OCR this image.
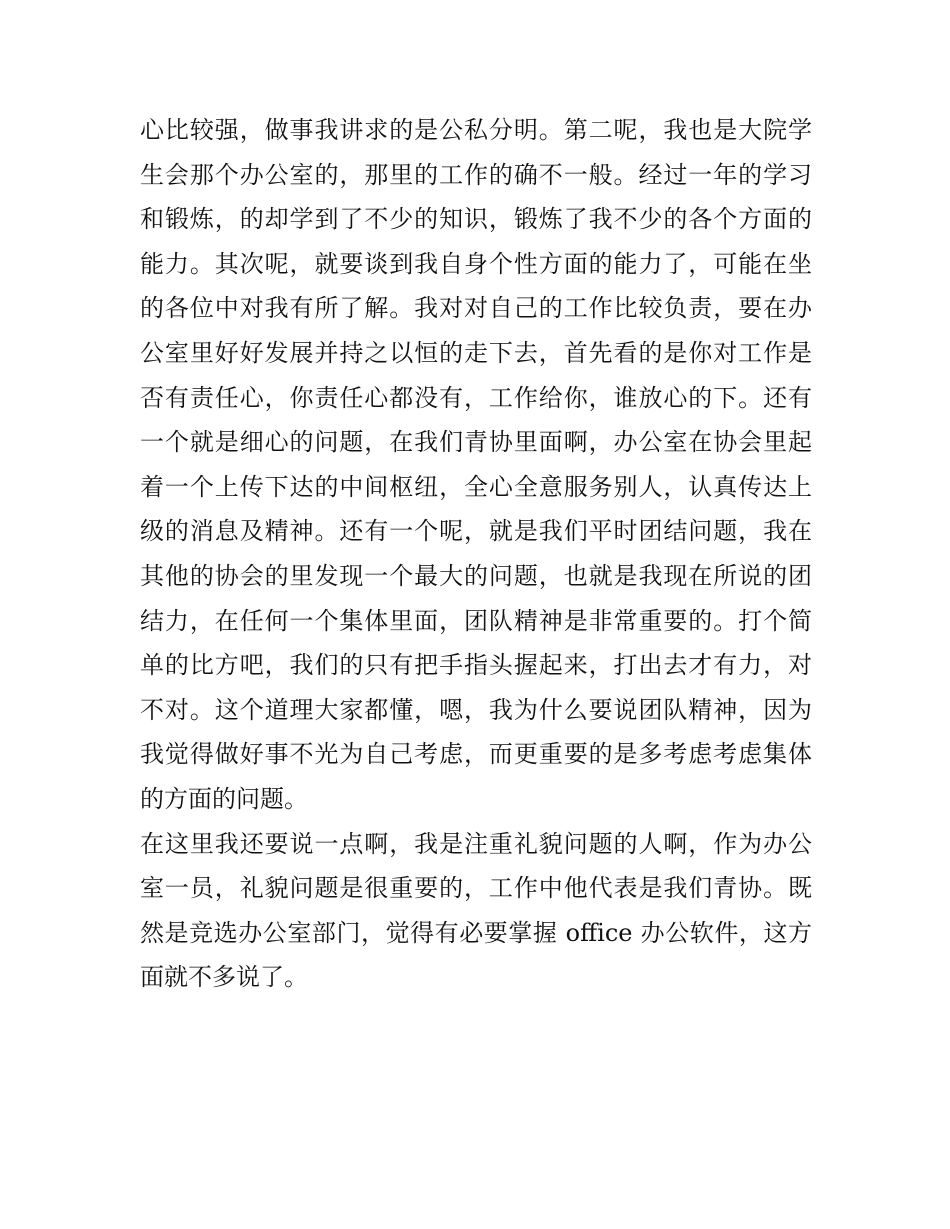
心比较强，做事我讲求的是公私分明。第二呢，我也是大院学
生会那个办公室的，那里的工作的确不一般。经过一年的学习
和锻炼，的却学到了不少的知识，锻炼了我不少的各个方面的
能力。其次呢，就要谈到我自身个性方面的能力了，可能在坐
的各位中对我有所了解。我对对自己的工作比较负责，要在办
公室里好好发展并持之以恒的走下去，首先看的是你对工作是
否有责任心，你责任心都没有，工作给你，谁放心的下。还有
一个就是细心的问题，在我们青协里面啊，办公室在协会里起
着一个上传下达的中间枢纽，全心全意服务别人，认真传达上
级的消息及精神。还有一个呢，就是我们平时团结问题，我在
其他的协会的里发现一个最大的问题，也就是我现在所说的团
结力，在任何一个集体里面，团队精神是非常重要的。打个简
单的比方吧，我们的只有把手指头握起来，打出去才有力，对
不对。这个道理大家都懂，嗯，我为什么要说团队精神，因为
我觉得做好事不光为自己考虑，而更重要的是多考虑考虑集体
的方面的问题。
在这里我还要说一点啊，我是注重礼貌问题的人啊，作为办公
室一员，礼貌问题是很重要的，工作中他代表是我们青协。既
然是竞选办公室部门，觉得有必要掌握 office 办公软件，这方
面就不多说了。
